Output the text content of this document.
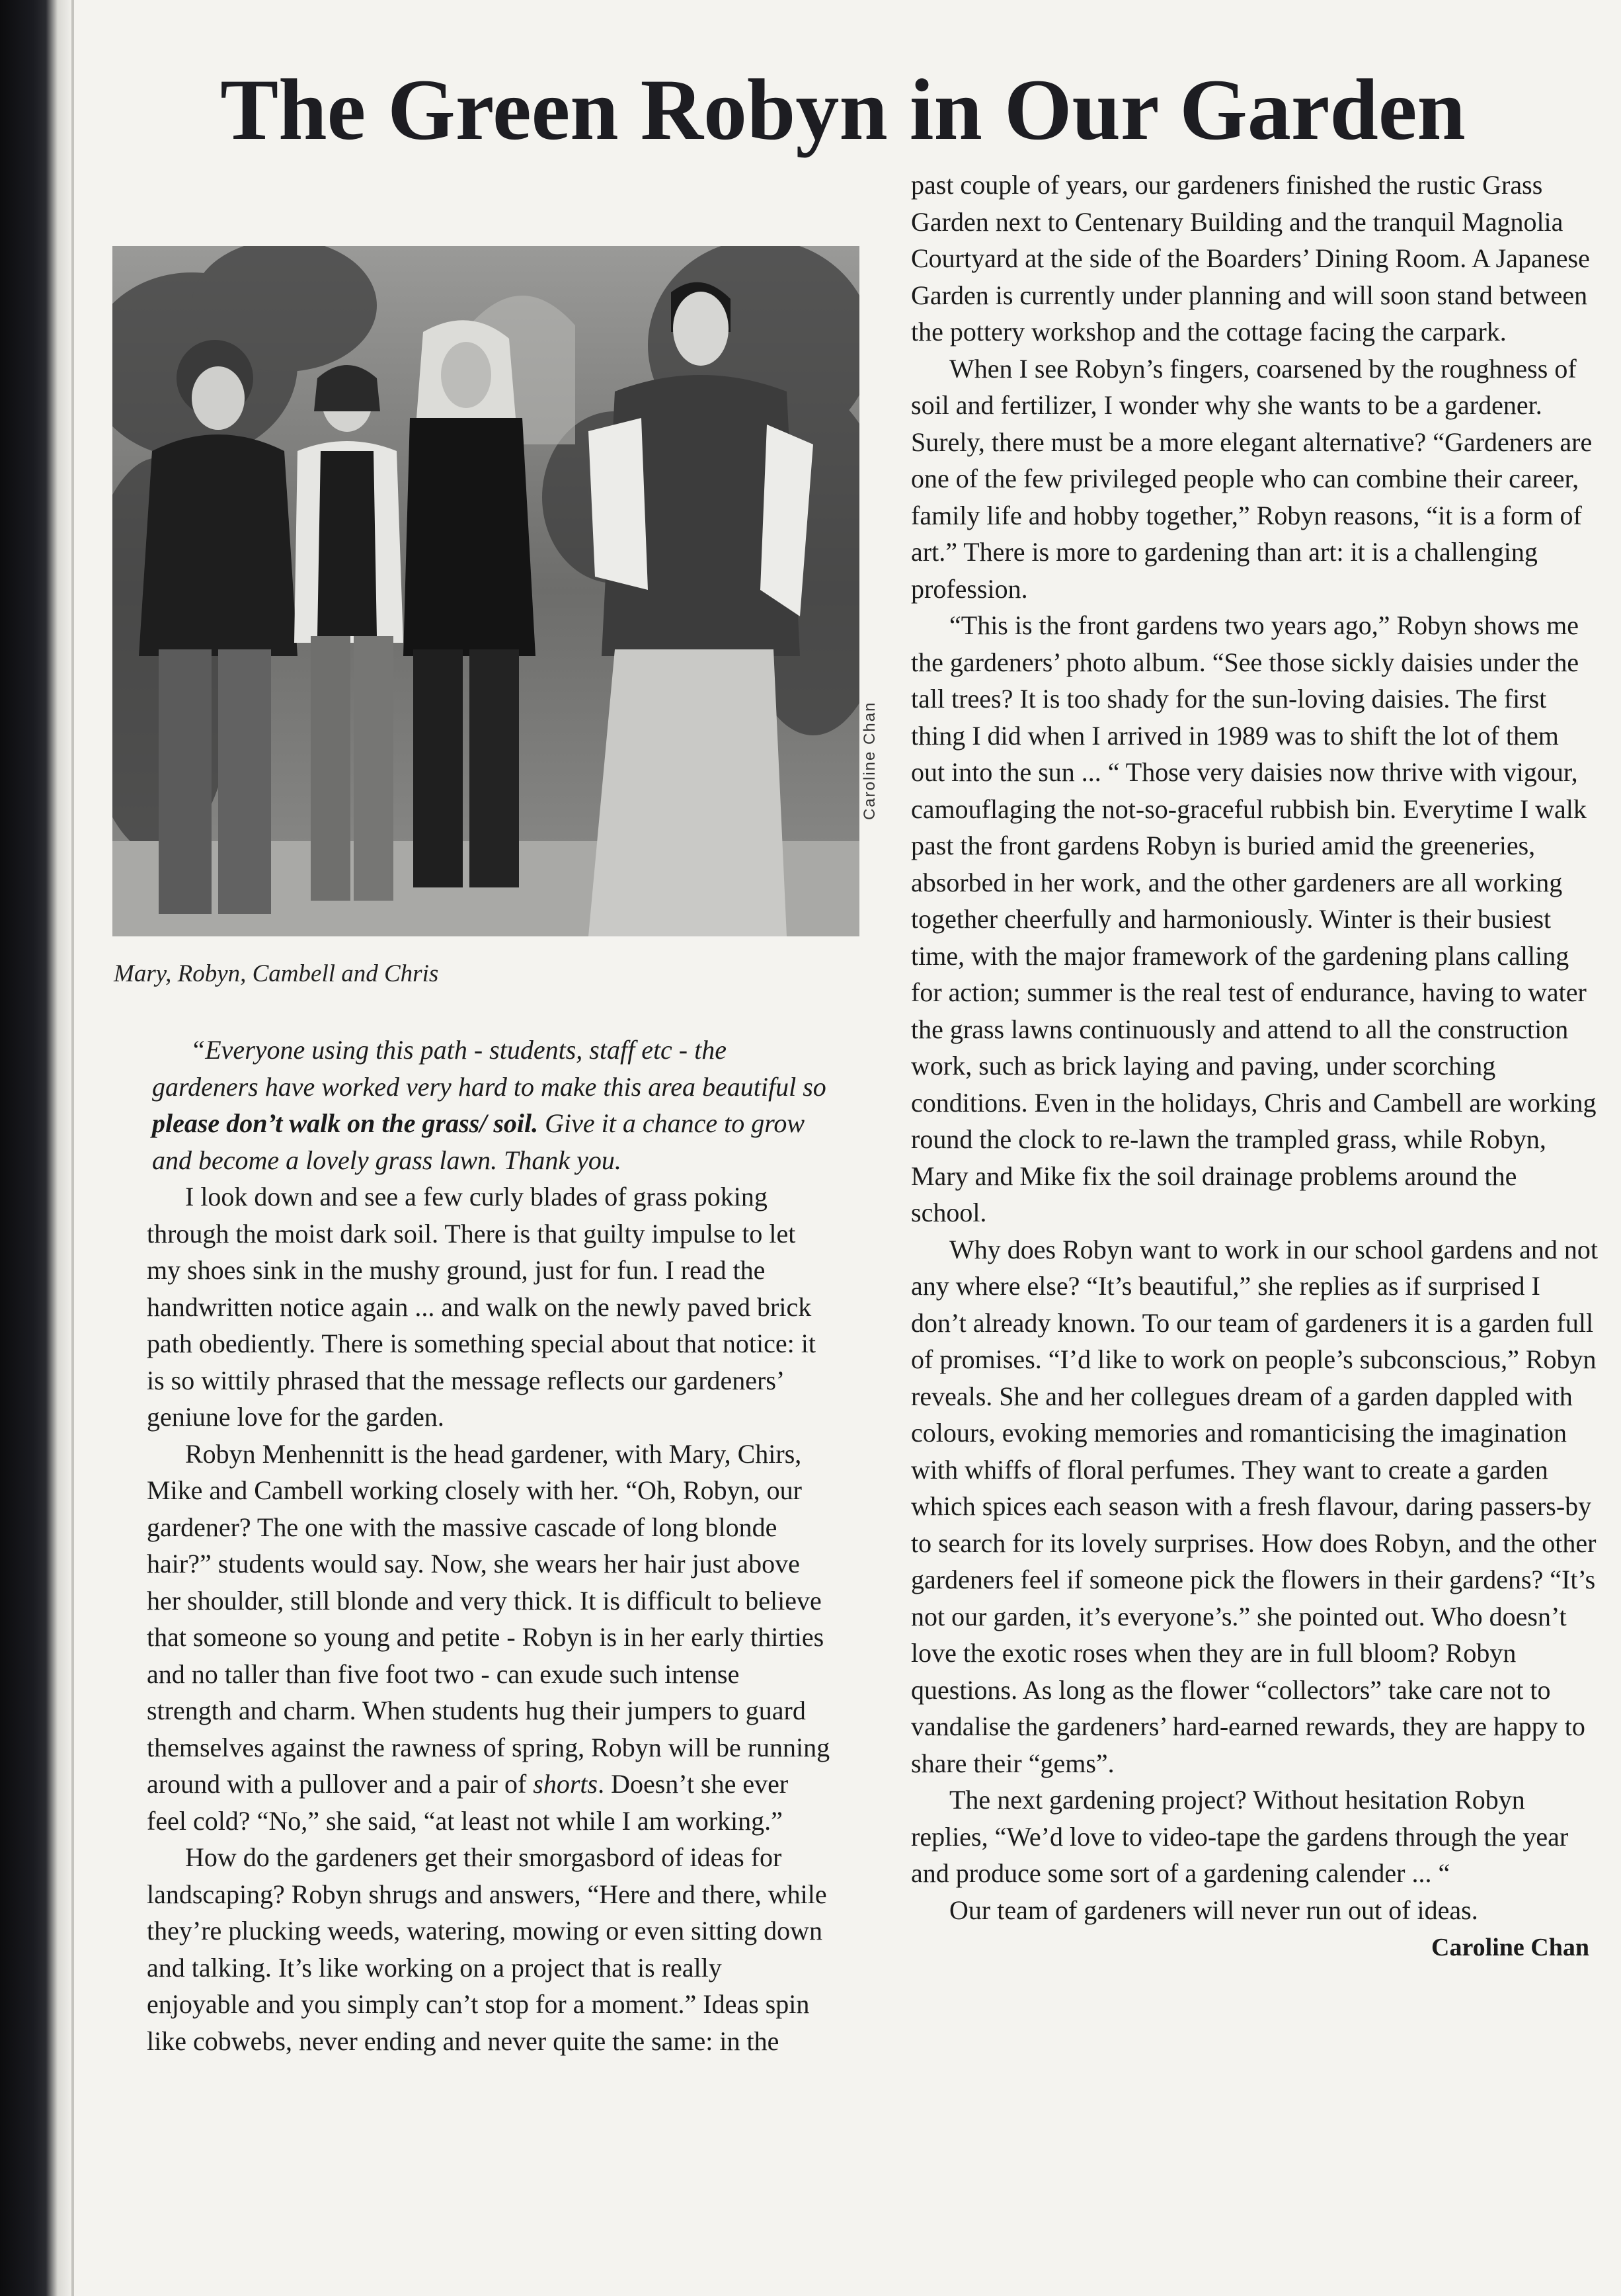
The Green Robyn in Our Garden
Caroline Chan
Mary, Robyn, Cambell and Chris

“Everyone using this path - students, staff etc - the gardeners have worked very hard to make this area beautiful so please don’t walk on the grass/ soil. Give it a chance to grow and become a lovely grass lawn. Thank you.

I look down and see a few curly blades of grass poking through the moist dark soil. There is that guilty impulse to let my shoes sink in the mushy ground, just for fun. I read the handwritten notice again ... and walk on the newly paved brick path obediently. There is something special about that notice: it is so wittily phrased that the message reflects our gardeners’ geniune love for the garden.

Robyn Menhennitt is the head gardener, with Mary, Chirs, Mike and Cambell working closely with her. “Oh, Robyn, our gardener? The one with the massive cascade of long blonde hair?” students would say. Now, she wears her hair just above her shoulder, still blonde and very thick. It is difficult to believe that someone so young and petite - Robyn is in her early thirties and no taller than five foot two - can exude such intense strength and charm. When students hug their jumpers to guard themselves against the rawness of spring, Robyn will be running around with a pullover and a pair of shorts. Doesn’t she ever feel cold? “No,” she said, “at least not while I am working.”

How do the gardeners get their smorgasbord of ideas for landscaping? Robyn shrugs and answers, “Here and there, while they’re plucking weeds, watering, mowing or even sitting down and talking. It’s like working on a project that is really enjoyable and you simply can’t stop for a moment.” Ideas spin like cobwebs, never ending and never quite the same: in the

past couple of years, our gardeners finished the rustic Grass Garden next to Centenary Building and the tranquil Magnolia Courtyard at the side of the Boarders’ Dining Room. A Japanese Garden is currently under planning and will soon stand between the pottery workshop and the cottage facing the carpark.

When I see Robyn’s fingers, coarsened by the roughness of soil and fertilizer, I wonder why she wants to be a gardener. Surely, there must be a more elegant alternative? “Gardeners are one of the few privileged people who can combine their career, family life and hobby together,” Robyn reasons, “it is a form of art.” There is more to gardening than art: it is a challenging profession.

“This is the front gardens two years ago,” Robyn shows me the gardeners’ photo album. “See those sickly daisies under the tall trees? It is too shady for the sun-loving daisies. The first thing I did when I arrived in 1989 was to shift the lot of them out into the sun ... “ Those very daisies now thrive with vigour, camouflaging the not-so-graceful rubbish bin. Everytime I walk past the front gardens Robyn is buried amid the greeneries, absorbed in her work, and the other gardeners are all working together cheerfully and harmoniously. Winter is their busiest time, with the major framework of the gardening plans calling for action; summer is the real test of endurance, having to water the grass lawns continuously and attend to all the construction work, such as brick laying and paving, under scorching conditions. Even in the holidays, Chris and Cambell are working round the clock to re-lawn the trampled grass, while Robyn, Mary and Mike fix the soil drainage problems around the school.

Why does Robyn want to work in our school gardens and not any where else? “It’s beautiful,” she replies as if surprised I don’t already known. To our team of gardeners it is a garden full of promises. “I’d like to work on people’s subconscious,” Robyn reveals. She and her collegues dream of a garden dappled with colours, evoking memories and romanticising the imagination with whiffs of floral perfumes. They want to create a garden which spices each season with a fresh flavour, daring passers-by to search for its lovely surprises. How does Robyn, and the other gardeners feel if someone pick the flowers in their gardens? “It’s not our garden, it’s everyone’s.” she pointed out. Who doesn’t love the exotic roses when they are in full bloom? Robyn questions. As long as the flower “collectors” take care not to vandalise the gardeners’ hard-earned rewards, they are happy to share their “gems”.

The next gardening project? Without hesitation Robyn replies, “We’d love to video-tape the gardens through the year and produce some sort of a gardening calender ... “

Our team of gardeners will never run out of ideas.

Caroline Chan
